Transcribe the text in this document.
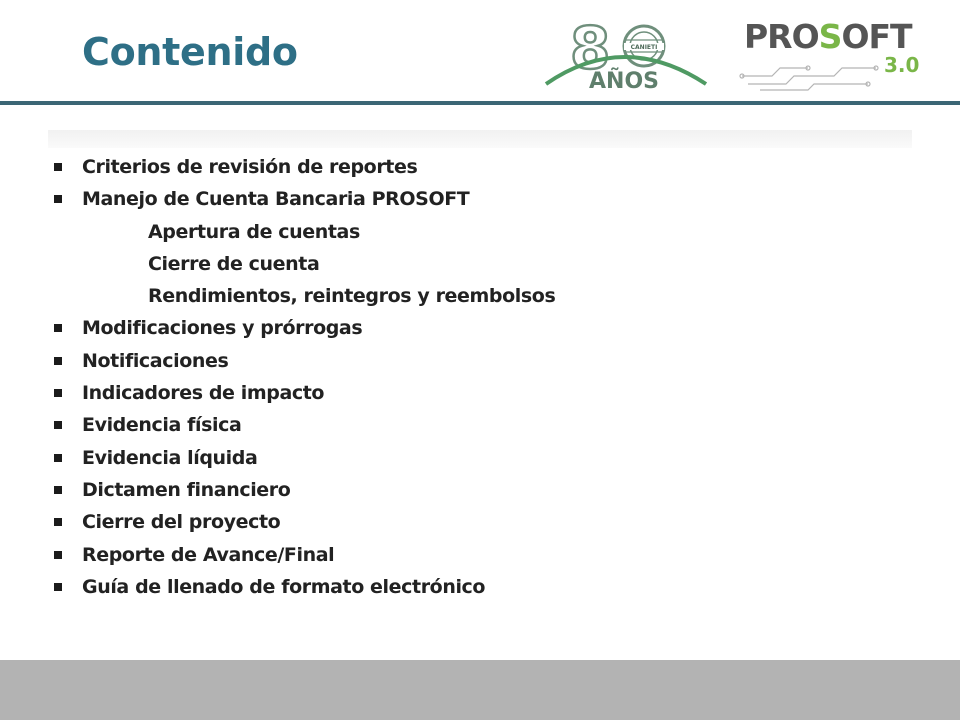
Contenido	8	CANIETI
AÑOS
PROSOFT
3.0
Criterios de revisión de reportes
Manejo de Cuenta Bancaria PROSOFT
Apertura de cuentas
Cierre de cuenta
Rendimientos, reintegros y reembolsos
Modificaciones y prórrogas
Notificaciones
Indicadores de impacto
Evidencia física
Evidencia líquida
Dictamen financiero
Cierre del proyecto
Reporte de Avance/Final
Guía de llenado de formato electrónico
